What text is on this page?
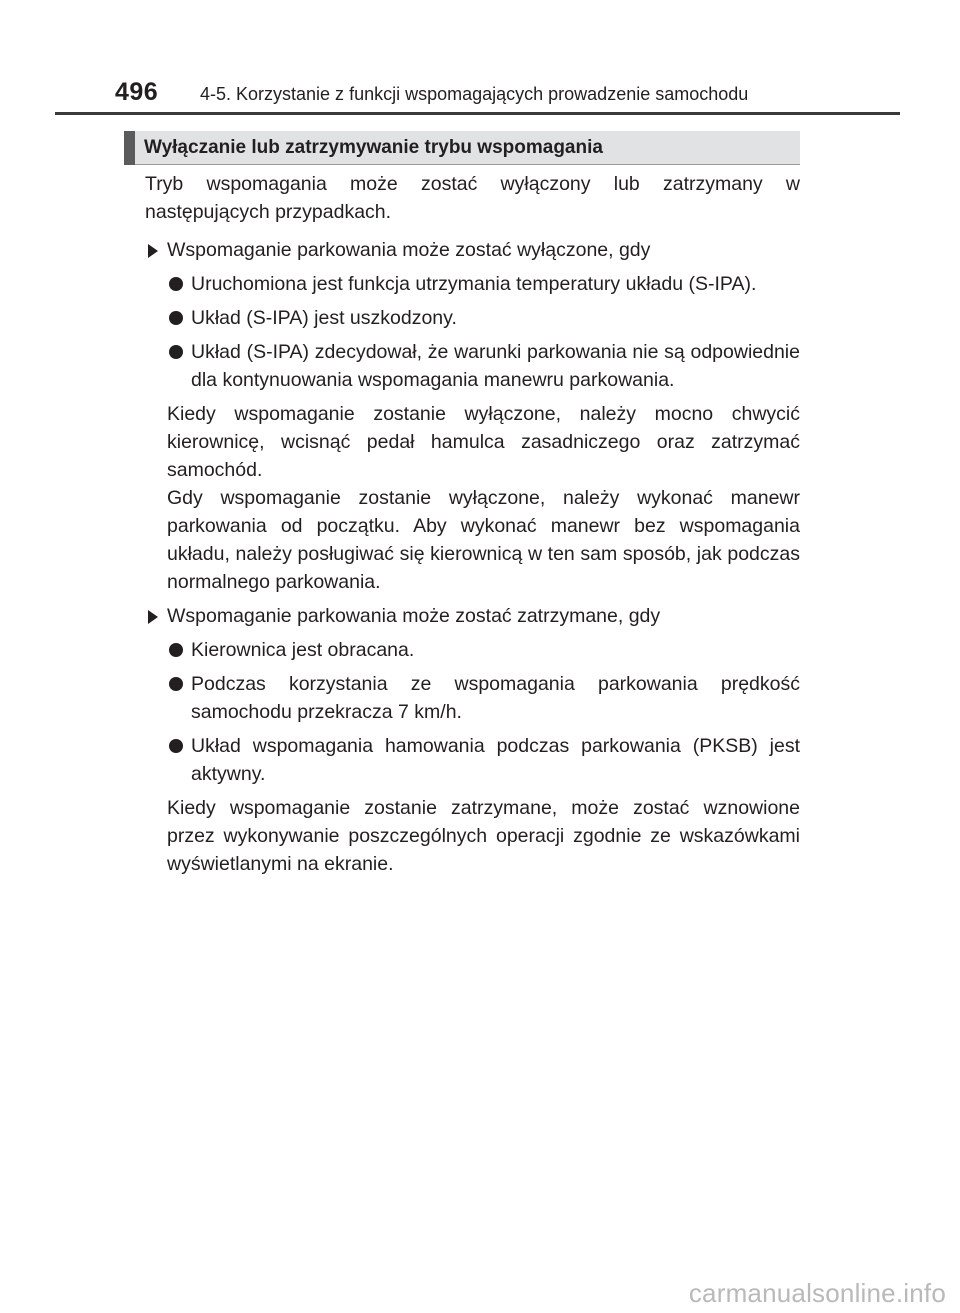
496 4-5. Korzystanie z funkcji wspomagających prowadzenie samochodu
Wyłączanie lub zatrzymywanie trybu wspomagania

Tryb wspomagania może zostać wyłączony lub zatrzymany w następujących przypadkach.

Wspomaganie parkowania może zostać wyłączone, gdy

Uruchomiona jest funkcja utrzymania temperatury układu (S-IPA).

Układ (S-IPA) jest uszkodzony.

Układ (S-IPA) zdecydował, że warunki parkowania nie są odpowiednie dla kontynuowania wspomagania manewru parkowania.

Kiedy wspomaganie zostanie wyłączone, należy mocno chwycić kierownicę, wcisnąć pedał hamulca zasadniczego oraz zatrzymać samochód.

Gdy wspomaganie zostanie wyłączone, należy wykonać manewr parkowania od początku. Aby wykonać manewr bez wspomagania układu, należy posługiwać się kierownicą w ten sam sposób, jak podczas normalnego parkowania.

Wspomaganie parkowania może zostać zatrzymane, gdy

Kierownica jest obracana.

Podczas korzystania ze wspomagania parkowania prędkość samochodu przekracza 7 km/h.

Układ wspomagania hamowania podczas parkowania (PKSB) jest aktywny.

Kiedy wspomaganie zostanie zatrzymane, może zostać wznowione przez wykonywanie poszczególnych operacji zgodnie ze wskazówkami wyświetlanymi na ekranie.

carmanualsonline.info
